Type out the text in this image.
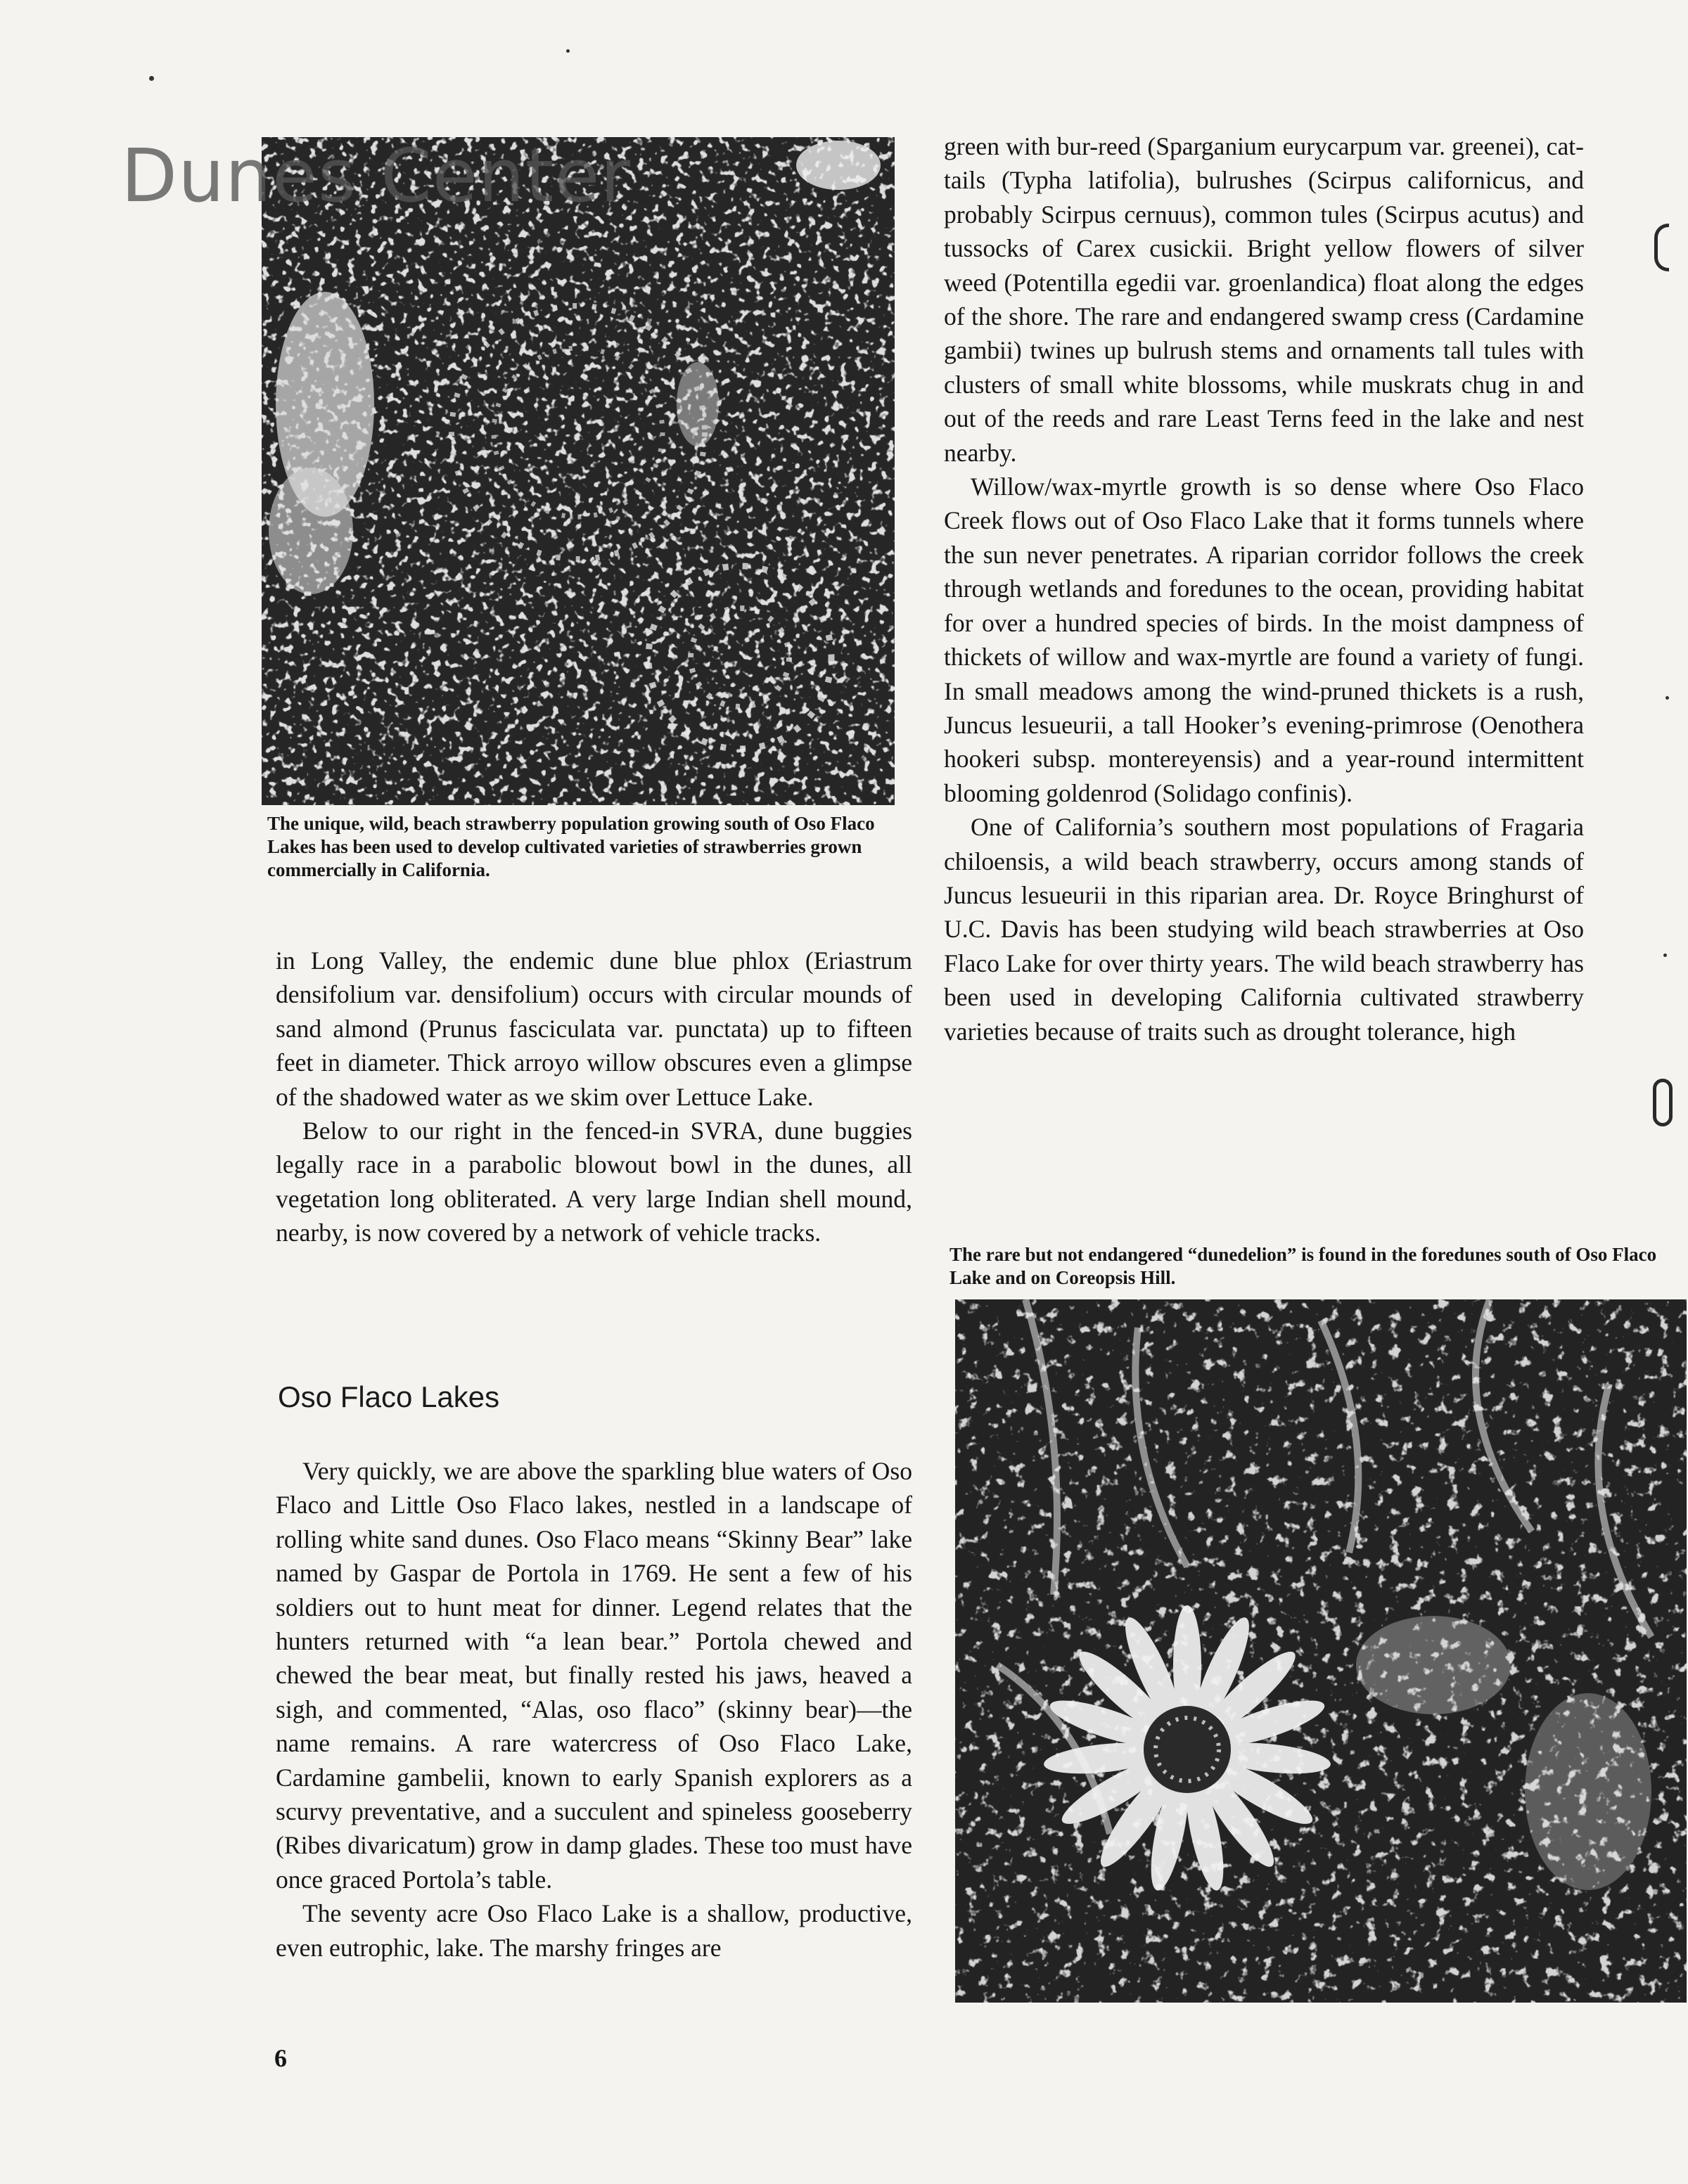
Dunes Center

The unique, wild, beach strawberry population growing south of Oso Flaco Lakes has been used to develop cultivated varieties of strawberries grown commercially in California.

in Long Valley, the endemic dune blue phlox (Eriastrum densifolium var. densifolium) occurs with circular mounds of sand almond (Prunus fasciculata var. punctata) up to fifteen feet in diameter. Thick arroyo willow obscures even a glimpse of the shadowed water as we skim over Lettuce Lake.

Below to our right in the fenced-in SVRA, dune buggies legally race in a parabolic blowout bowl in the dunes, all vegetation long obliterated. A very large Indian shell mound, nearby, is now covered by a network of vehicle tracks.

Oso Flaco Lakes

Very quickly, we are above the sparkling blue waters of Oso Flaco and Little Oso Flaco lakes, nestled in a landscape of rolling white sand dunes. Oso Flaco means “Skinny Bear” lake named by Gaspar de Portola in 1769. He sent a few of his soldiers out to hunt meat for dinner. Legend relates that the hunters returned with “a lean bear.” Portola chewed and chewed the bear meat, but finally rested his jaws, heaved a sigh, and commented, “Alas, oso flaco” (skinny bear)—the name remains. A rare watercress of Oso Flaco Lake, Cardamine gambelii, known to early Spanish explorers as a scurvy preventative, and a succulent and spineless gooseberry (Ribes divaricatum) grow in damp glades. These too must have once graced Portola’s table.

The seventy acre Oso Flaco Lake is a shallow, productive, even eutrophic, lake. The marshy fringes are

green with bur-reed (Sparganium eurycarpum var. greenei), cat-tails (Typha latifolia), bulrushes (Scirpus californicus, and probably Scirpus cernuus), common tules (Scirpus acutus) and tussocks of Carex cusickii. Bright yellow flowers of silver weed (Potentilla egedii var. groenlandica) float along the edges of the shore. The rare and endangered swamp cress (Cardamine gambii) twines up bulrush stems and ornaments tall tules with clusters of small white blossoms, while muskrats chug in and out of the reeds and rare Least Terns feed in the lake and nest nearby.

Willow/wax-myrtle growth is so dense where Oso Flaco Creek flows out of Oso Flaco Lake that it forms tunnels where the sun never penetrates. A riparian corridor follows the creek through wetlands and foredunes to the ocean, providing habitat for over a hundred species of birds. In the moist dampness of thickets of willow and wax-myrtle are found a variety of fungi. In small meadows among the wind-pruned thickets is a rush, Juncus lesueurii, a tall Hooker’s evening-primrose (Oenothera hookeri subsp. montereyensis) and a year-round intermittent blooming goldenrod (Solidago confinis).

One of California’s southern most populations of Fragaria chiloensis, a wild beach strawberry, occurs among stands of Juncus lesueurii in this riparian area. Dr. Royce Bringhurst of U.C. Davis has been studying wild beach strawberries at Oso Flaco Lake for over thirty years. The wild beach strawberry has been used in developing California cultivated strawberry varieties because of traits such as drought tolerance, high

The rare but not endangered “dunedelion” is found in the foredunes south of Oso Flaco Lake and on Coreopsis Hill.

6
